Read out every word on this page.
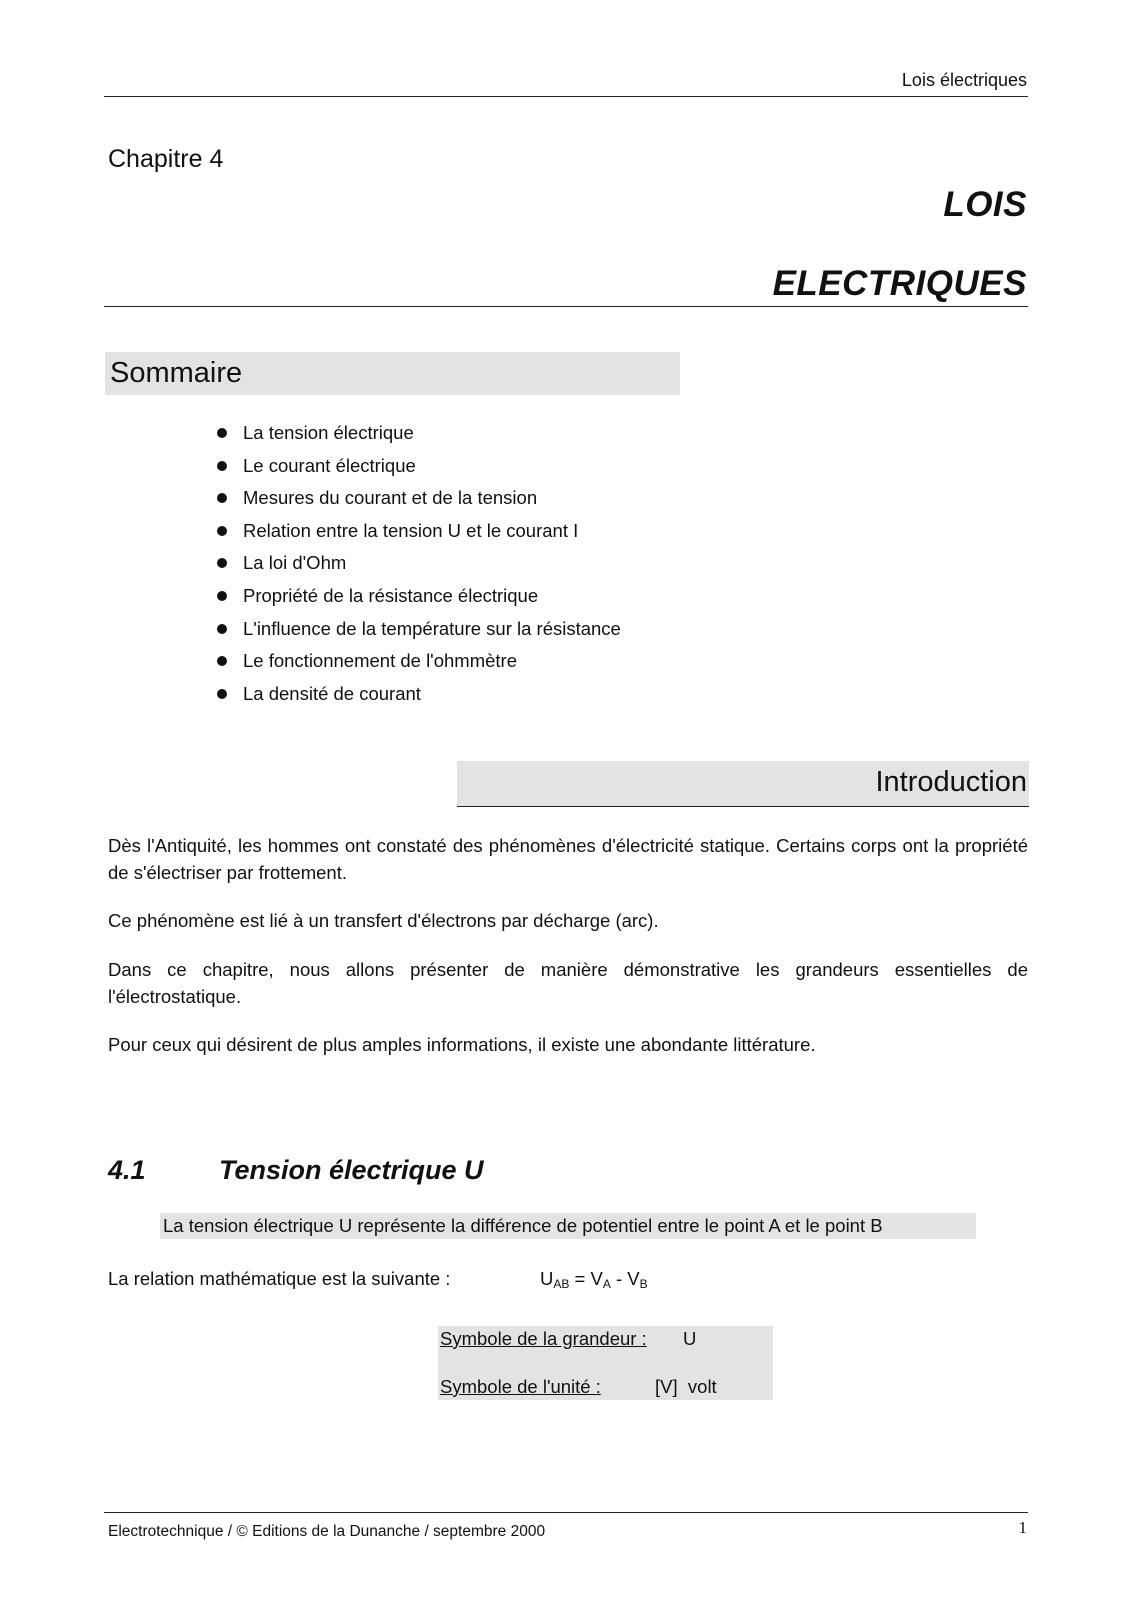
Lois électriques
Chapitre 4
LOIS
ELECTRIQUES
Sommaire
La tension électrique
Le courant électrique
Mesures du courant et de la tension
Relation entre la tension U et le courant I
La loi d'Ohm
Propriété de la résistance électrique
L'influence de la température sur la résistance
Le fonctionnement de l'ohmmètre
La densité de courant
Introduction
Dès l'Antiquité, les hommes ont constaté des phénomènes d'électricité statique. Certains corps ont la propriété de s'électriser par frottement.
Ce phénomène est lié à un transfert d'électrons par décharge (arc).
Dans ce chapitre, nous allons présenter de manière démonstrative les grandeurs essentielles de l'électrostatique.
Pour ceux qui désirent de plus amples informations, il existe une abondante littérature.
4.1	Tension électrique U
La tension électrique U représente la différence de potentiel entre le point A et le point B
La relation mathématique est la suivante :	$U_{AB} = V_A - V_B$
Symbole de la grandeur : U
Symbole de l'unité :	[V]  volt
Electrotechnique / © Editions de la Dunanche / septembre 2000	1
